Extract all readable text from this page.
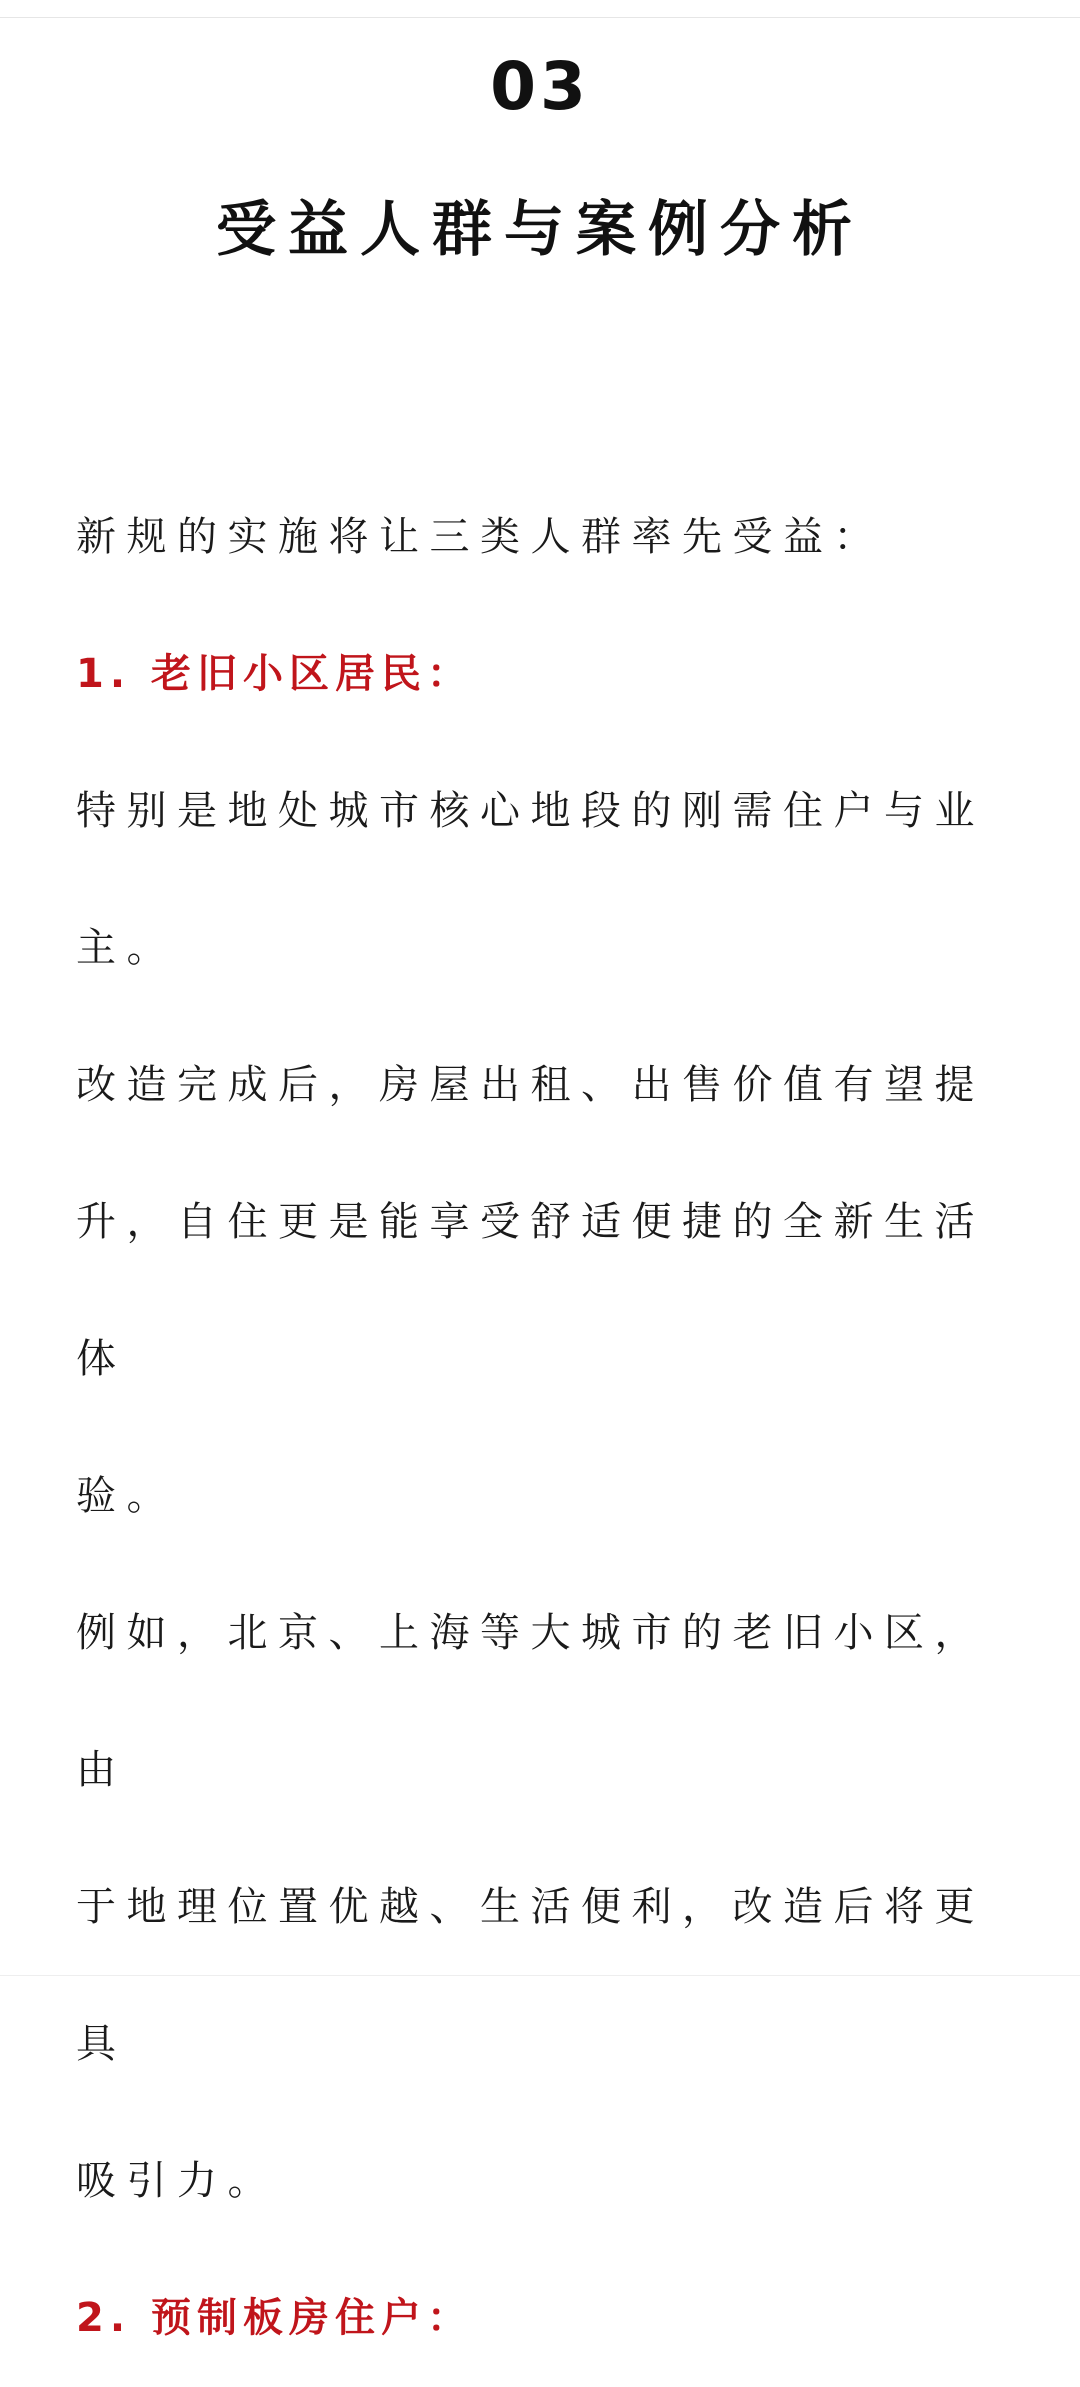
03
受益人群与案例分析

新规的实施将让三类人群率先受益：

1. 老旧小区居民：

特别是地处城市核心地段的刚需住户与业

主。

改造完成后，房屋出租、出售价值有望提

升，自住更是能享受舒适便捷的全新生活体

验。

例如，北京、上海等大城市的老旧小区，由

于地理位置优越、生活便利，改造后将更具

吸引力。

2. 预制板房住户：
